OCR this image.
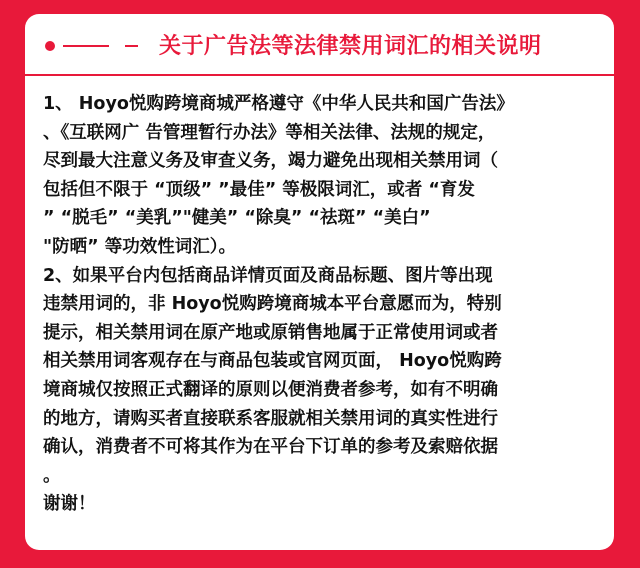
关于广告法等法律禁用词汇的相关说明
1、 Hoyo悦购跨境商城严格遵守《中华人民共和国广告法》
、《互联网广 告管理暂行办法》等相关法律、法规的规定，
尽到最大注意义务及审查义务，竭力避免出现相关禁用词（
包括但不限于 “顶级” ”最佳” 等极限词汇，或者 “育发
” “脱毛” “美乳”"健美” “除臭” “祛斑” “美白”
"防晒” 等功效性词汇）。
2、如果平台内包括商品详情页面及商品标题、图片等出现
违禁用词的，非 Hoyo悦购跨境商城本平台意愿而为，特别
提示，相关禁用词在原产地或原销售地属于正常使用词或者
相关禁用词客观存在与商品包装或官网页面， Hoyo悦购跨
境商城仅按照正式翻译的原则以便消费者参考，如有不明确
的地方，请购买者直接联系客服就相关禁用词的真实性进行
确认，消费者不可将其作为在平台下订单的参考及索赔依据
。
谢谢！
